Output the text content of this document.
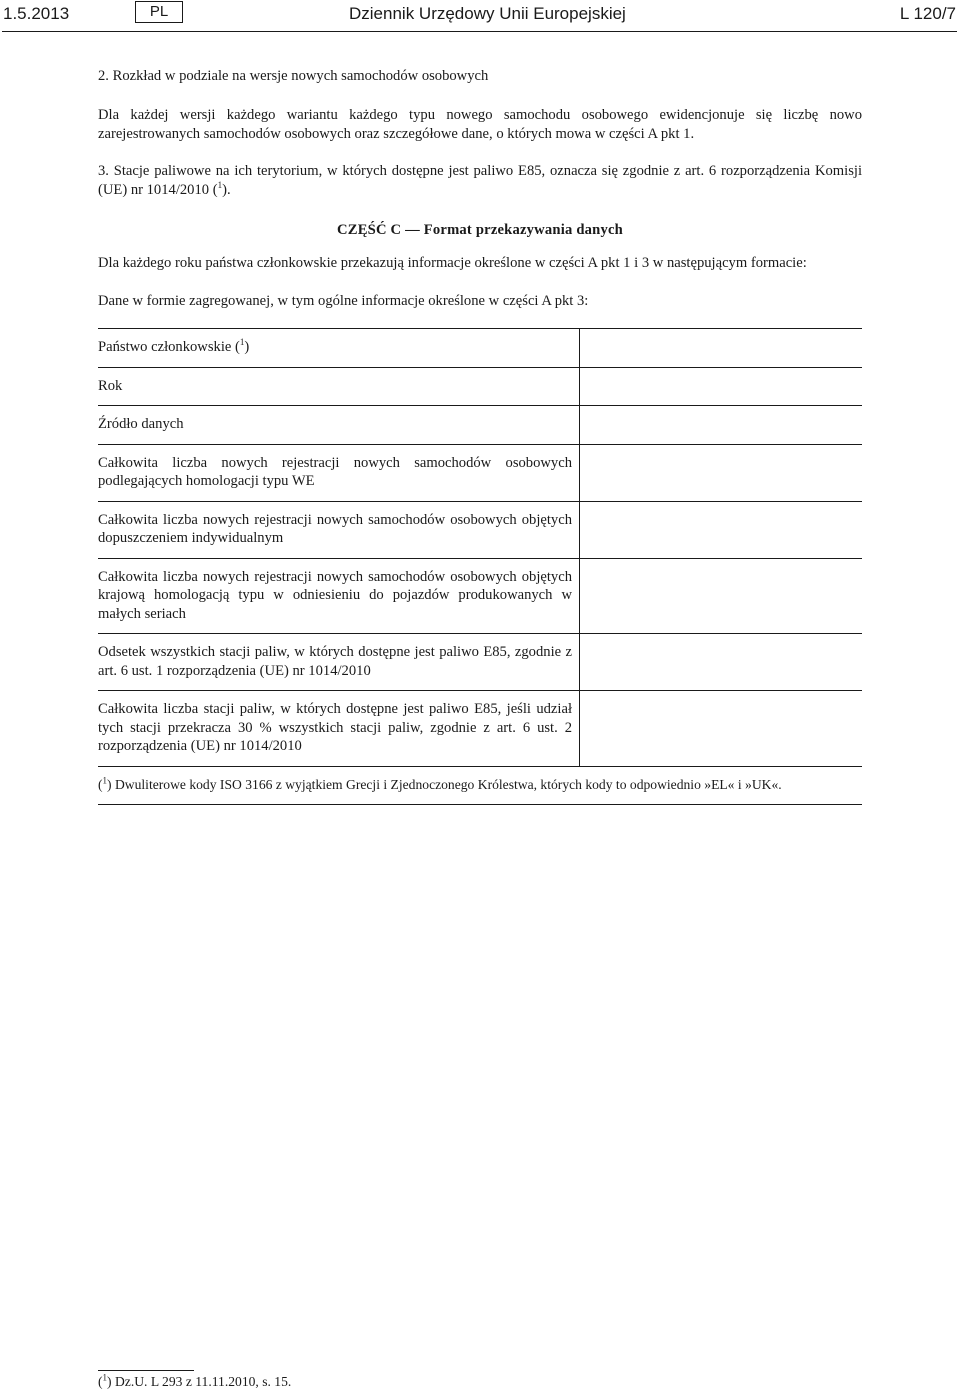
1.5.2013	PL	Dziennik Urzędowy Unii Europejskiej	L 120/7

2. Rozkład w podziale na wersje nowych samochodów osobowych

Dla każdej wersji każdego wariantu każdego typu nowego samochodu osobowego ewidencjonuje się liczbę nowo zarejestrowanych samochodów osobowych oraz szczegółowe dane, o których mowa w części A pkt 1.

3. Stacje paliwowe na ich terytorium, w których dostępne jest paliwo E85, oznacza się zgodnie z art. 6 rozporządzenia Komisji (UE) nr 1014/2010 ($^1$).

CZĘŚĆ C — Format przekazywania danych

Dla każdego roku państwa członkowskie przekazują informacje określone w części A pkt 1 i 3 w następującym formacie:

Dane w formie zagregowanej, w tym ogólne informacje określone w części A pkt 3:

Państwo członkowskie ($^1$)	
Rok	
Źródło danych	
Całkowita liczba nowych rejestracji nowych samochodów osobowych podlegających homologacji typu WE	
Całkowita liczba nowych rejestracji nowych samochodów osobowych objętych dopuszczeniem indywidualnym	
Całkowita liczba nowych rejestracji nowych samochodów osobowych objętych krajową homologacją typu w odniesieniu do pojazdów produkowanych w małych seriach	
Odsetek wszystkich stacji paliw, w których dostępne jest paliwo E85, zgodnie z art. 6 ust. 1 rozporządzenia (UE) nr 1014/2010	
Całkowita liczba stacji paliw, w których dostępne jest paliwo E85, jeśli udział tych stacji przekracza 30 % wszystkich stacji paliw, zgodnie z art. 6 ust. 2 rozporządzenia (UE) nr 1014/2010	
($^1$) Dwuliterowe kody ISO 3166 z wyjątkiem Grecji i Zjednoczonego Królestwa, których kody to odpowiednio »EL« i »UK«.	
($^1$) Dz.U. L 293 z 11.11.2010, s. 15.
